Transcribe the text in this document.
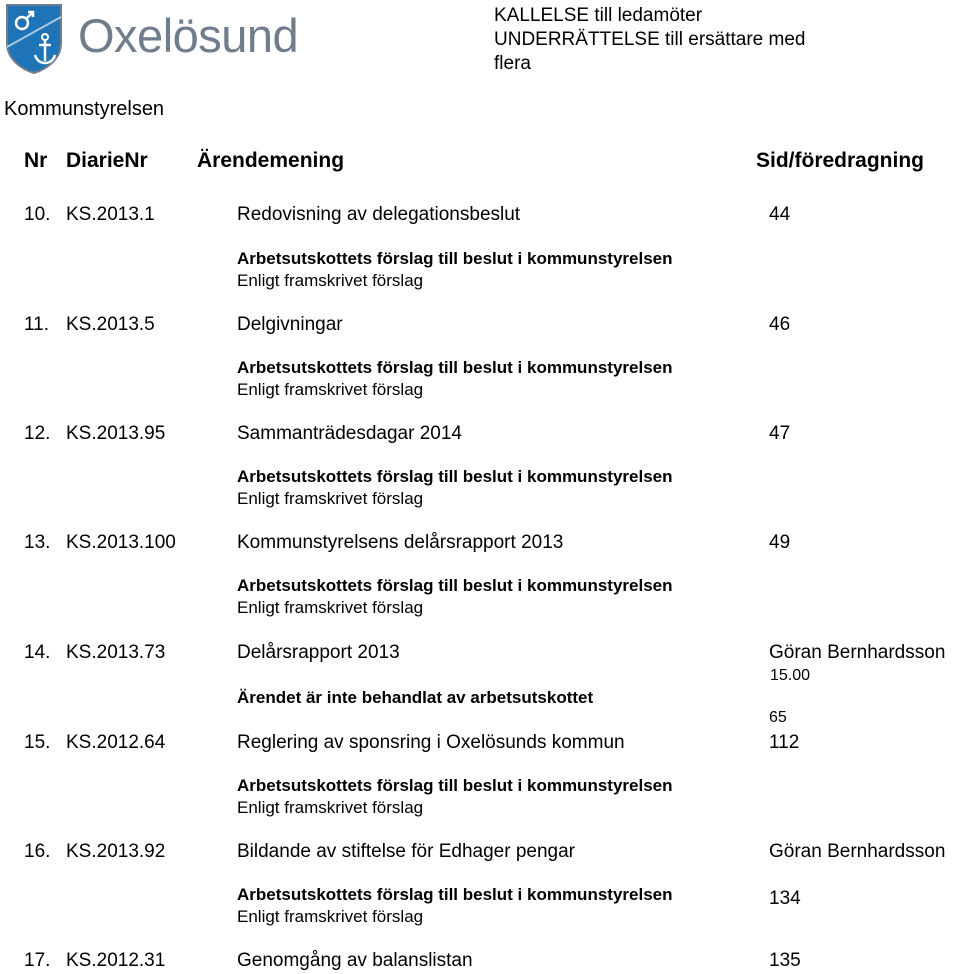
Oxelösund	KALLELSE till ledamöter
UNDERRÄTTELSE till ersättare med
flera
Kommunstyrelsen
Nr DiarieNr Ärendemening	Sid/föredragning
10. KS.2013.1	Redovisning av delegationsbeslut	44
Arbetsutskottets förslag till beslut i kommunstyrelsen
Enligt framskrivet förslag
11. KS.2013.5	Delgivningar	46
Arbetsutskottets förslag till beslut i kommunstyrelsen
Enligt framskrivet förslag
12. KS.2013.95	Sammanträdesdagar 2014	47
Arbetsutskottets förslag till beslut i kommunstyrelsen
Enligt framskrivet förslag
13. KS.2013.100	Kommunstyrelsens delårsrapport 2013	49
Arbetsutskottets förslag till beslut i kommunstyrelsen
Enligt framskrivet förslag
14. KS.2013.73	Delårsrapport 2013	Göran Bernhardsson
15.00
Ärendet är inte behandlat av arbetsutskottet
65
15. KS.2012.64	Reglering av sponsring i Oxelösunds kommun	112
Arbetsutskottets förslag till beslut i kommunstyrelsen
Enligt framskrivet förslag
16. KS.2013.92	Bildande av stiftelse för Edhager pengar	Göran Bernhardsson
Arbetsutskottets förslag till beslut i kommunstyrelsen	134
Enligt framskrivet förslag
17. KS.2012.31	Genomgång av balanslistan	135
